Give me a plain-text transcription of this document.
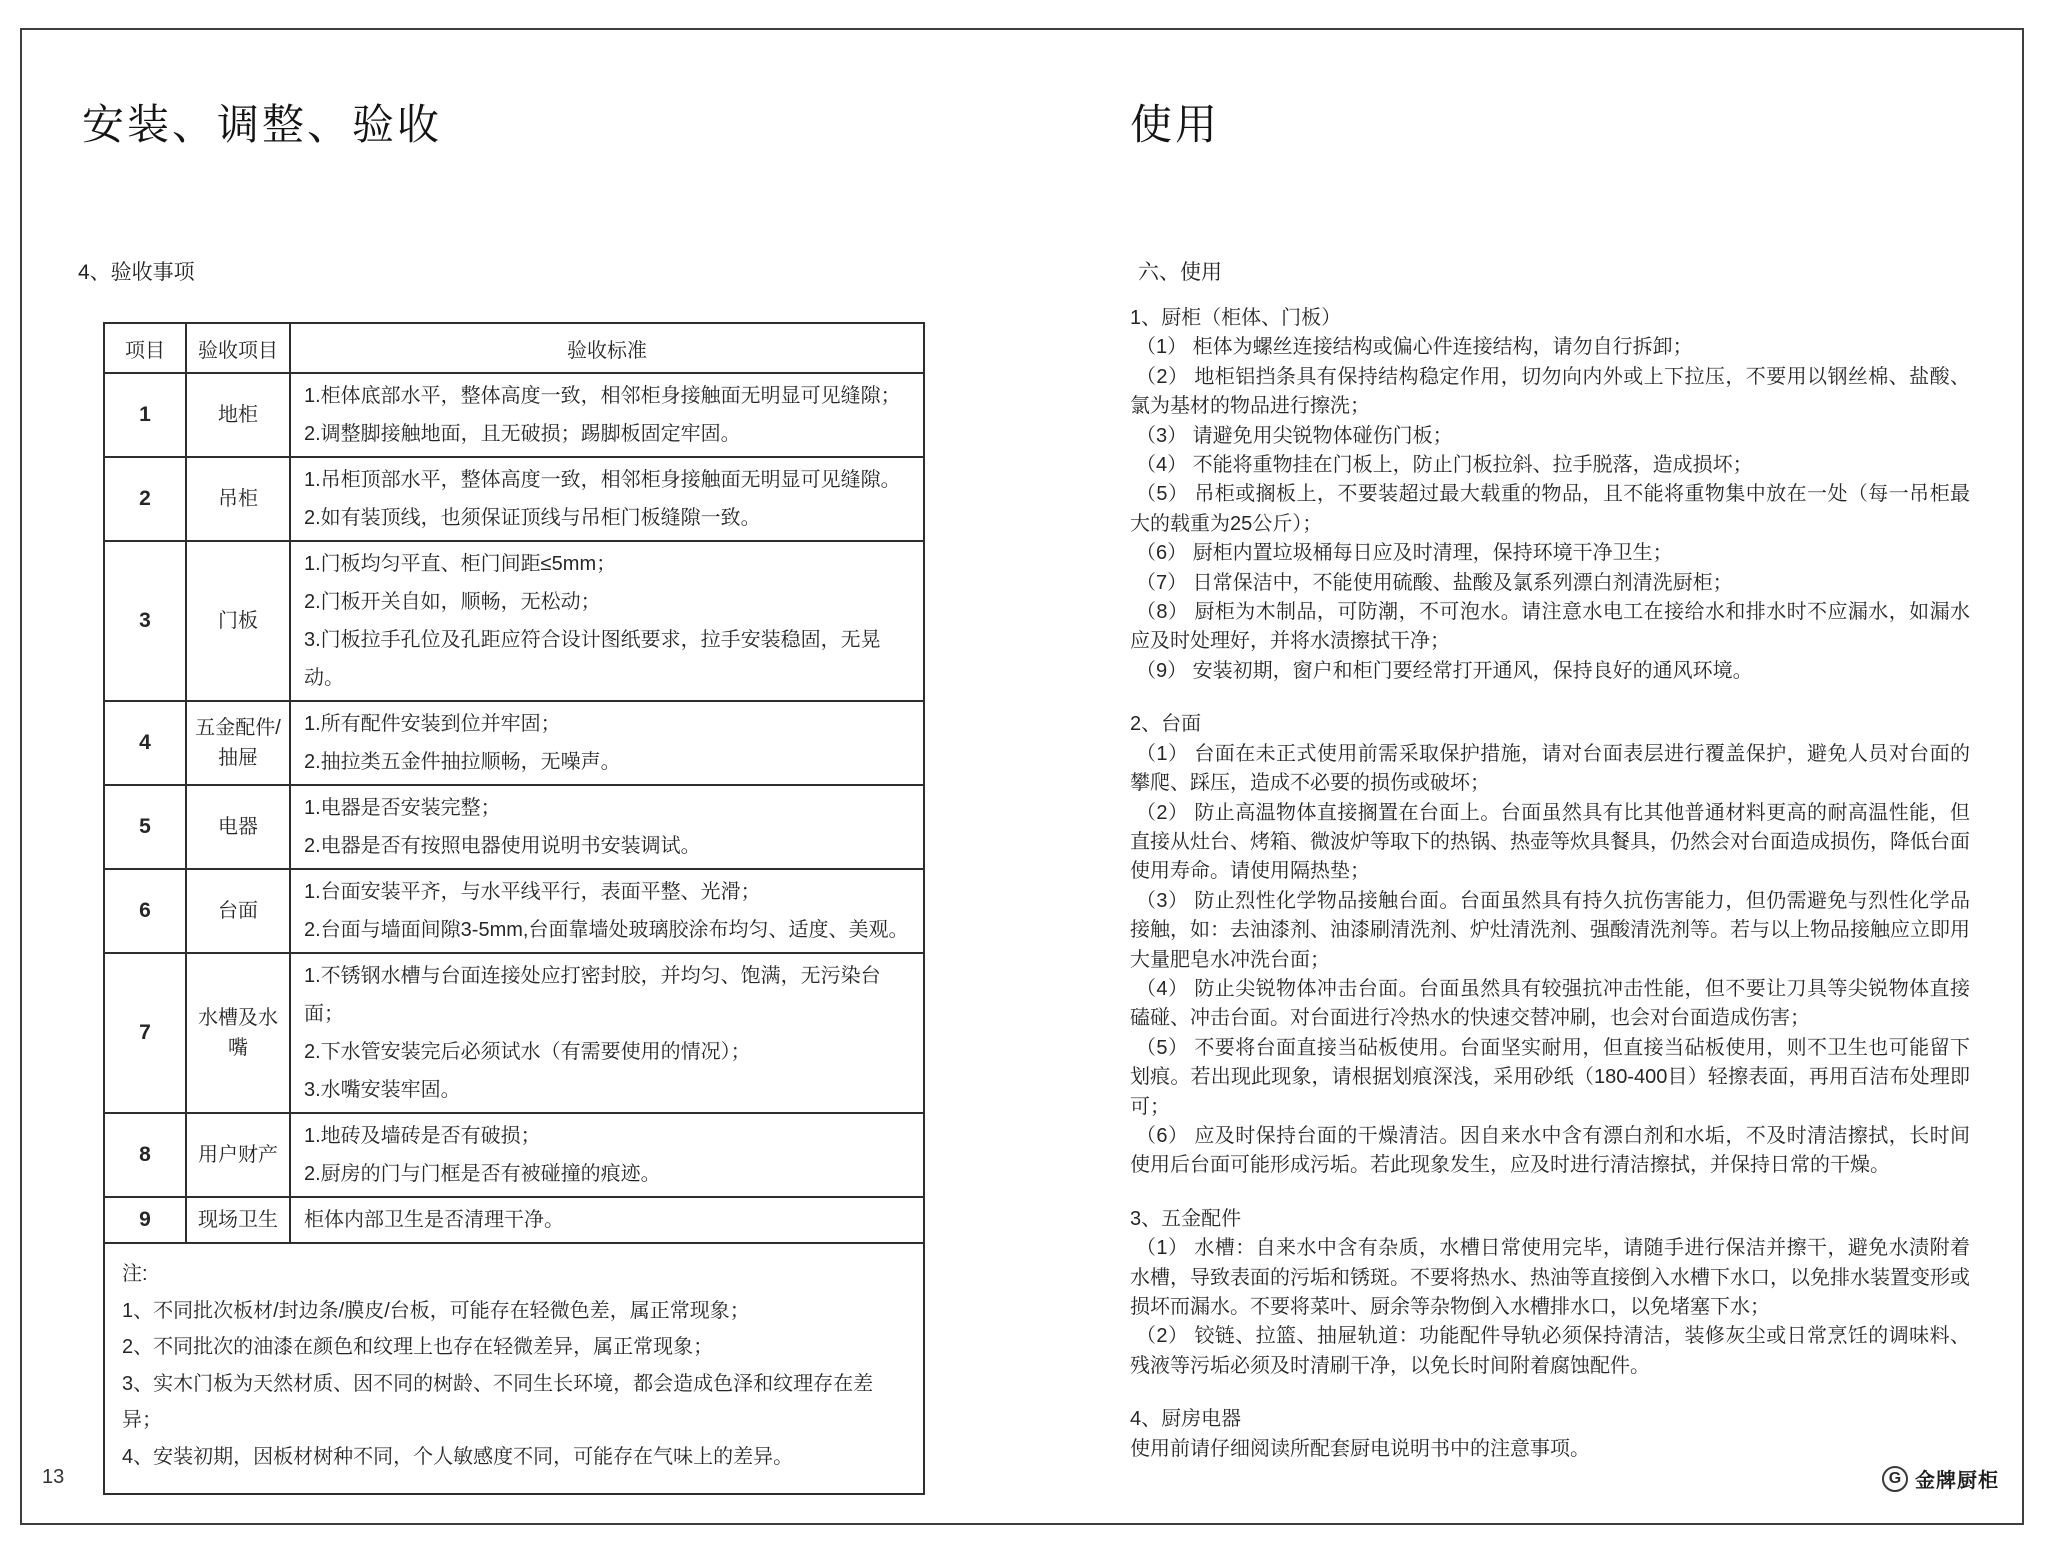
安装、调整、验收
4、验收事项
项目	验收项目	验收标准
1	地柜	1.柜体底部水平，整体高度一致，相邻柜身接触面无明显可见缝隙；
2.调整脚接触地面，且无破损；踢脚板固定牢固。

2	吊柜	1.吊柜顶部水平，整体高度一致，相邻柜身接触面无明显可见缝隙。
2.如有装顶线，也须保证顶线与吊柜门板缝隙一致。

3	门板	1.门板均匀平直、柜门间距≤5mm；
2.门板开关自如，顺畅，无松动；
3.门板拉手孔位及孔距应符合设计图纸要求，拉手安装稳固，无晃动。

4	五金配件/抽屉	1.所有配件安装到位并牢固；
2.抽拉类五金件抽拉顺畅，无噪声。

5	电器	1.电器是否安装完整；
2.电器是否有按照电器使用说明书安装调试。

6	台面	1.台面安装平齐，与水平线平行，表面平整、光滑；
2.台面与墙面间隙3-5mm,台面靠墙处玻璃胶涂布均匀、适度、美观。

7	水槽及水嘴	1.不锈钢水槽与台面连接处应打密封胶，并均匀、饱满，无污染台面；
2.下水管安装完后必须试水（有需要使用的情况）；
3.水嘴安装牢固。

8	用户财产	1.地砖及墙砖是否有破损；
2.厨房的门与门框是否有被碰撞的痕迹。

9	现场卫生	柜体内部卫生是否清理干净。

注:
1、不同批次板材/封边条/膜皮/台板，可能存在轻微色差，属正常现象；
2、不同批次的油漆在颜色和纹理上也存在轻微差异，属正常现象；
3、实木门板为天然材质、因不同的树龄、不同生长环境，都会造成色泽和纹理存在差异；
4、安装初期，因板材树种不同，个人敏感度不同，可能存在气味上的差异。		
使用
六、使用

1、厨柜（柜体、门板）

（1） 柜体为螺丝连接结构或偏心件连接结构，请勿自行拆卸；

（2） 地柜铝挡条具有保持结构稳定作用，切勿向内外或上下拉压，不要用以钢丝棉、盐酸、氯为基材的物品进行擦洗；

（3） 请避免用尖锐物体碰伤门板；

（4） 不能将重物挂在门板上，防止门板拉斜、拉手脱落，造成损坏；

（5） 吊柜或搁板上，不要装超过最大载重的物品，且不能将重物集中放在一处（每一吊柜最大的载重为25公斤）；

（6） 厨柜内置垃圾桶每日应及时清理，保持环境干净卫生；

（7） 日常保洁中，不能使用硫酸、盐酸及氯系列漂白剂清洗厨柜；

（8） 厨柜为木制品，可防潮，不可泡水。请注意水电工在接给水和排水时不应漏水，如漏水应及时处理好，并将水渍擦拭干净；

（9） 安装初期，窗户和柜门要经常打开通风，保持良好的通风环境。

2、台面

（1） 台面在未正式使用前需采取保护措施，请对台面表层进行覆盖保护，避免人员对台面的攀爬、踩压，造成不必要的损伤或破坏；

（2） 防止高温物体直接搁置在台面上。台面虽然具有比其他普通材料更高的耐高温性能，但直接从灶台、烤箱、微波炉等取下的热锅、热壶等炊具餐具，仍然会对台面造成损伤，降低台面使用寿命。请使用隔热垫；

（3） 防止烈性化学物品接触台面。台面虽然具有持久抗伤害能力，但仍需避免与烈性化学品接触，如：去油漆剂、油漆刷清洗剂、炉灶清洗剂、强酸清洗剂等。若与以上物品接触应立即用大量肥皂水冲洗台面；

（4） 防止尖锐物体冲击台面。台面虽然具有较强抗冲击性能，但不要让刀具等尖锐物体直接磕碰、冲击台面。对台面进行冷热水的快速交替冲刷，也会对台面造成伤害；

（5） 不要将台面直接当砧板使用。台面坚实耐用，但直接当砧板使用，则不卫生也可能留下划痕。若出现此现象，请根据划痕深浅，采用砂纸（180-400目）轻擦表面，再用百洁布处理即可；

（6） 应及时保持台面的干燥清洁。因自来水中含有漂白剂和水垢，不及时清洁擦拭，长时间使用后台面可能形成污垢。若此现象发生，应及时进行清洁擦拭，并保持日常的干燥。

3、五金配件

（1） 水槽：自来水中含有杂质，水槽日常使用完毕，请随手进行保洁并擦干，避免水渍附着水槽，导致表面的污垢和锈斑。不要将热水、热油等直接倒入水槽下水口，以免排水装置变形或损坏而漏水。不要将菜叶、厨余等杂物倒入水槽排水口，以免堵塞下水；

（2） 铰链、拉篮、抽屉轨道：功能配件导轨必须保持清洁，装修灰尘或日常烹饪的调味料、残液等污垢必须及时清刷干净，以免长时间附着腐蚀配件。

4、厨房电器

使用前请仔细阅读所配套厨电说明书中的注意事项。

13	G 金牌厨柜
